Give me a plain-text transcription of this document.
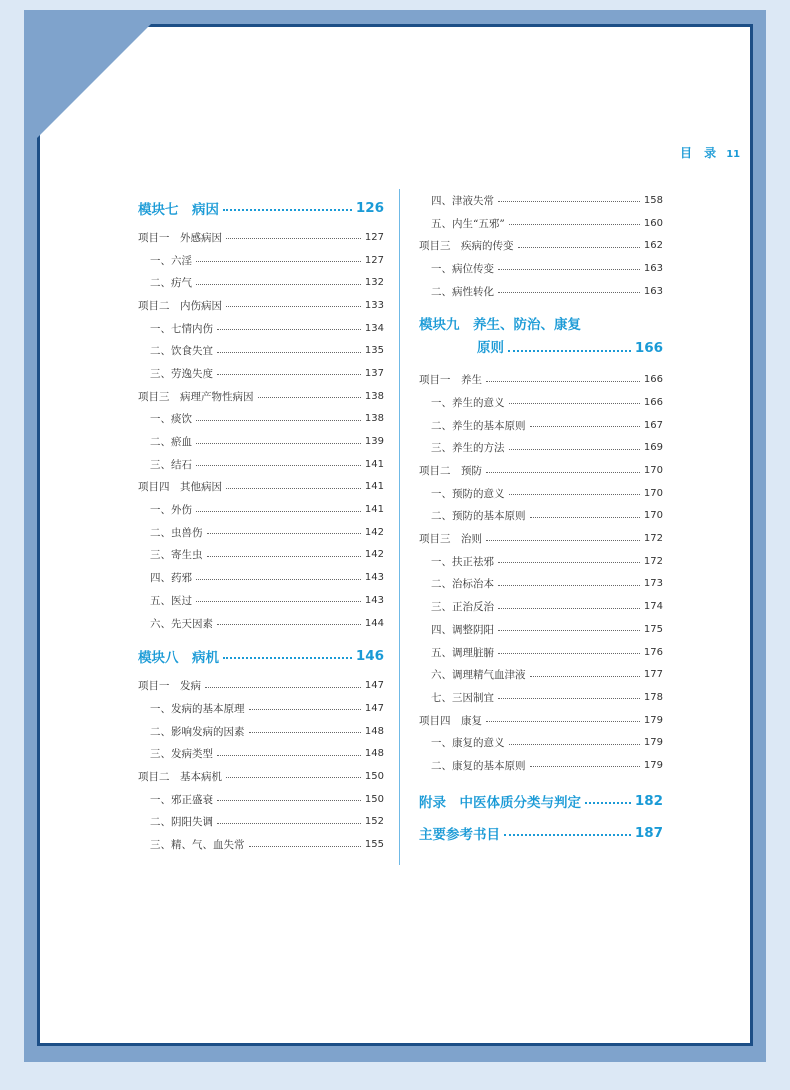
目 录 11
模块七　病因	126
项目一　外感病因	127
一、六淫	127
二、疠气	132
项目二　内伤病因	133
一、七情内伤	134
二、饮食失宜	135
三、劳逸失度	137
项目三　病理产物性病因	138
一、痰饮	138
二、瘀血	139
三、结石	141
项目四　其他病因	141
一、外伤	141
二、虫兽伤	142
三、寄生虫	142
四、药邪	143
五、医过	143
六、先天因素	144
模块八　病机	146
项目一　发病	147
一、发病的基本原理	147
二、影响发病的因素	148
三、发病类型	148
项目二　基本病机	150
一、邪正盛衰	150
二、阴阳失调	152
三、精、气、血失常	155
四、津液失常	158
五、内生“五邪”	160
项目三　疾病的传变	162
一、病位传变	163
二、病性转化	163
模块九　养生、防治、康复
原则	166
项目一　养生	166
一、养生的意义	166
二、养生的基本原则	167
三、养生的方法	169
项目二　预防	170
一、预防的意义	170
二、预防的基本原则	170
项目三　治则	172
一、扶正祛邪	172
二、治标治本	173
三、正治反治	174
四、调整阴阳	175
五、调理脏腑	176
六、调理精气血津液	177
七、三因制宜	178
项目四　康复	179
一、康复的意义	179
二、康复的基本原则	179
附录　中医体质分类与判定	182
主要参考书目	187
